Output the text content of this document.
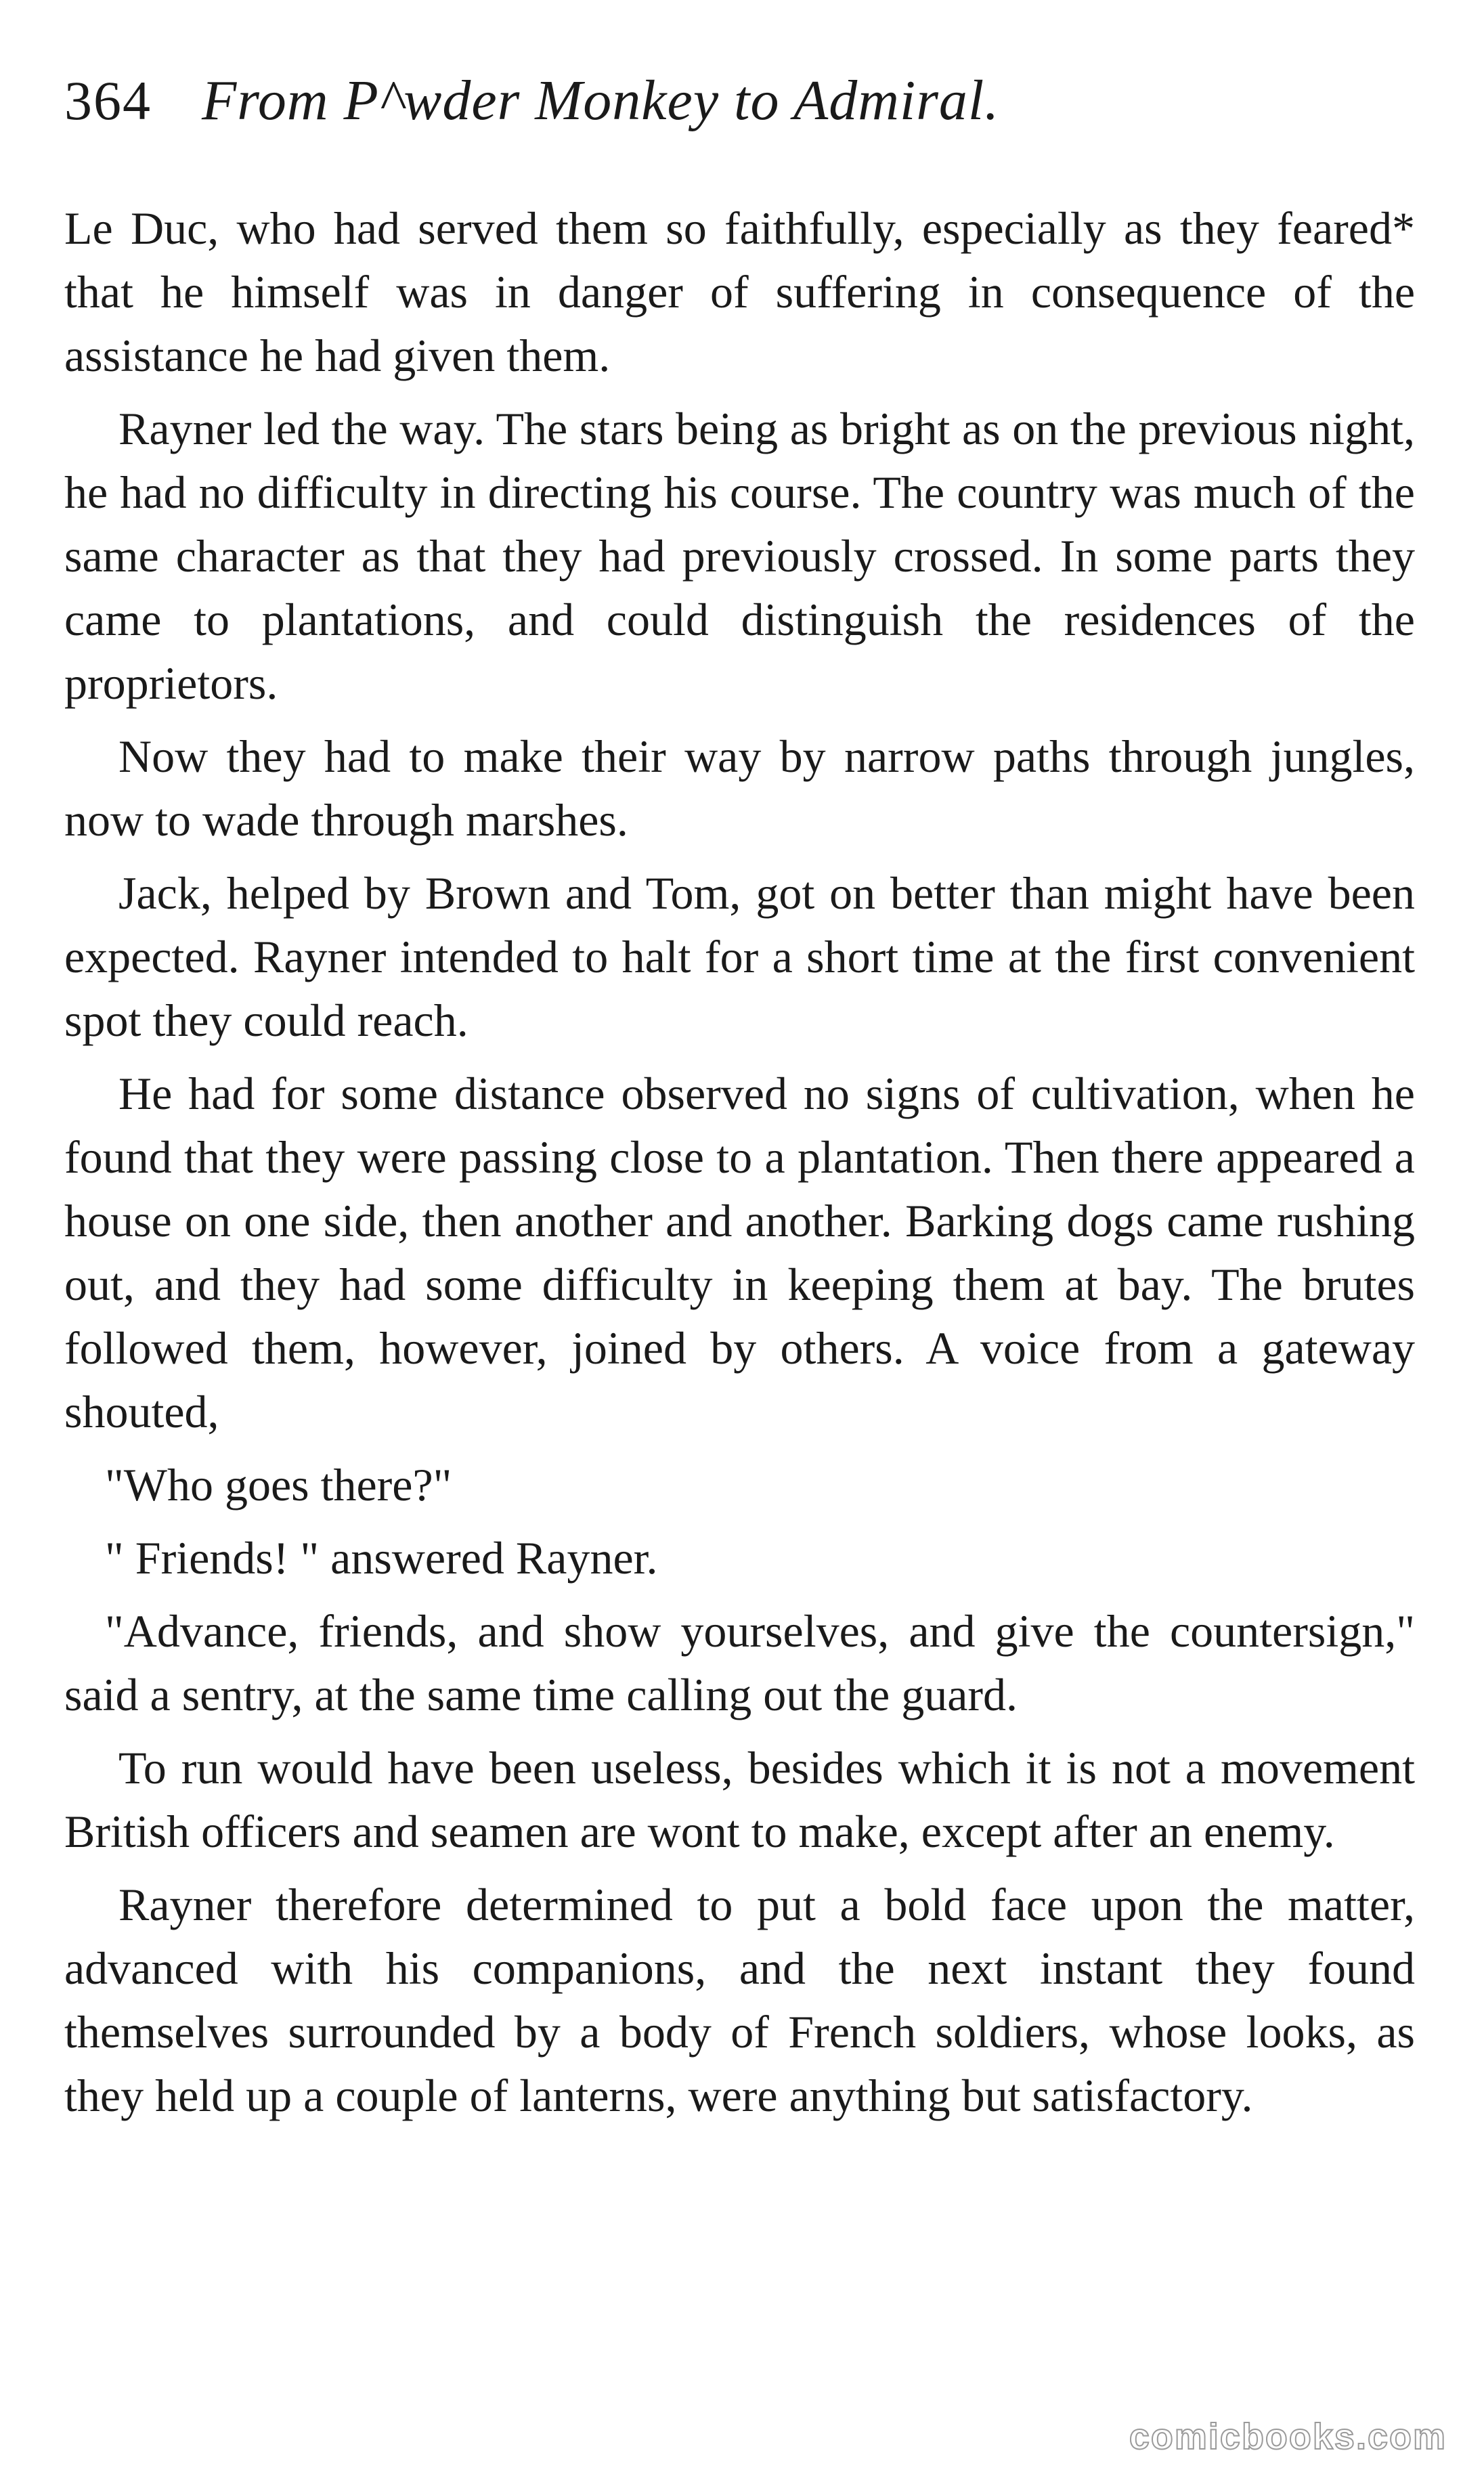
364 From P^wder Monkey to Admiral.

Le Duc, who had served them so faithfully, especially as they feared* that he himself was in danger of suffering in consequence of the assistance he had given them.

Rayner led the way. The stars being as bright as on the previous night, he had no difficulty in directing his course. The country was much of the same character as that they had previously crossed. In some parts they came to plantations, and could distinguish the residences of the proprietors.

Now they had to make their way by narrow paths through jungles, now to wade through marshes.

Jack, helped by Brown and Tom, got on better than might have been expected. Rayner intended to halt for a short time at the first convenient spot they could reach.

He had for some distance observed no signs of cultivation, when he found that they were passing close to a plantation. Then there appeared a house on one side, then another and another. Barking dogs came rushing out, and they had some difficulty in keeping them at bay. The brutes followed them, however, joined by others. A voice from a gateway shouted,

"Who goes there?"

" Friends! " answered Rayner.

"Advance, friends, and show yourselves, and give the countersign," said a sentry, at the same time calling out the guard.

To run would have been useless, besides which it is not a movement British officers and seamen are wont to make, except after an enemy.

Rayner therefore determined to put a bold face upon the matter, advanced with his companions, and the next instant they found themselves surrounded by a body of French soldiers, whose looks, as they held up a couple of lanterns, were anything but satisfactory.

comicbooks.com
